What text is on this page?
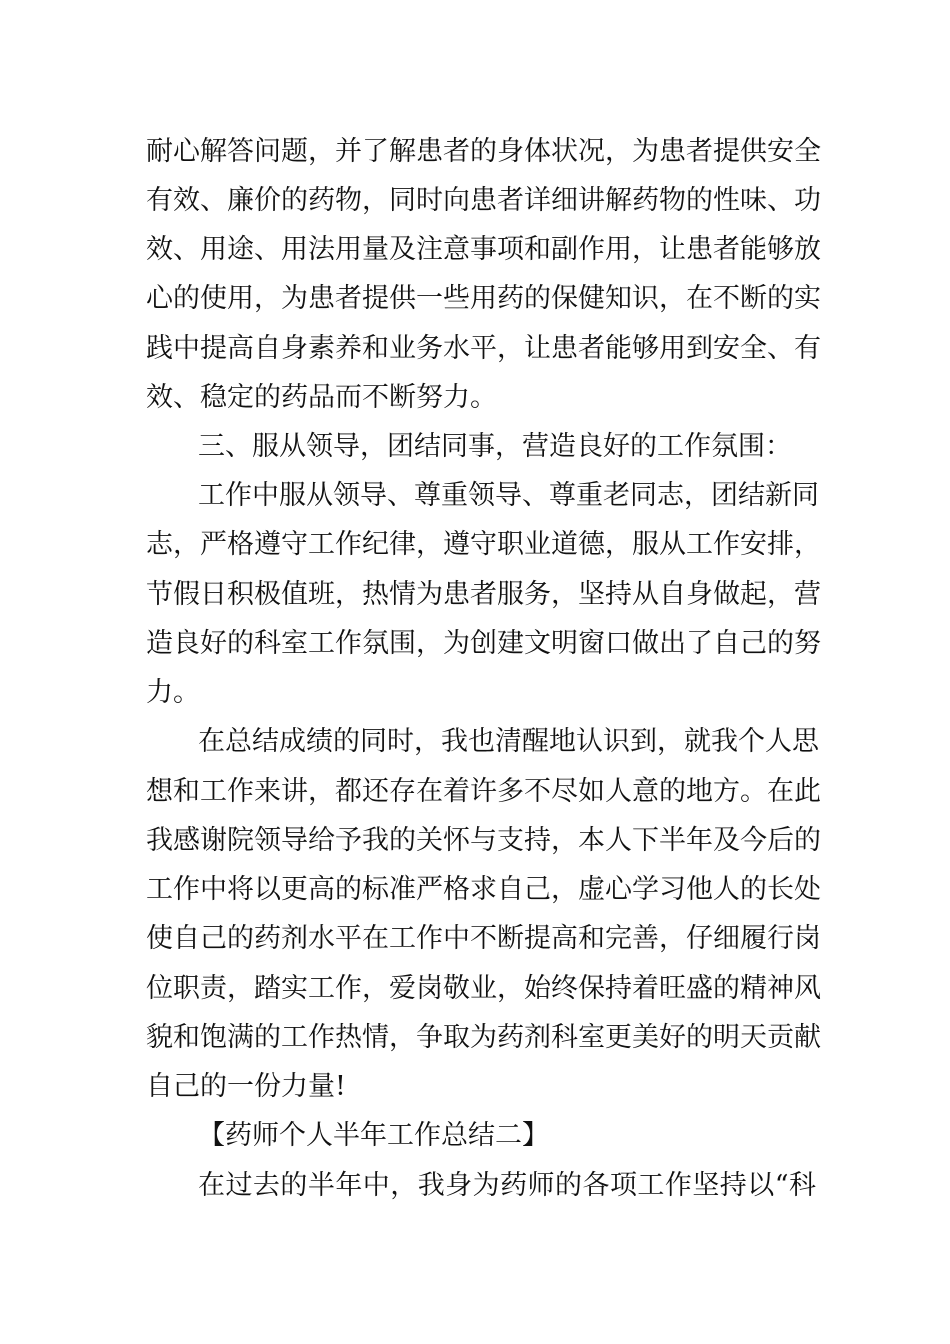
耐心解答问题，并了解患者的身体状况，为患者提供安全
有效、廉价的药物，同时向患者详细讲解药物的性味、功
效、用途、用法用量及注意事项和副作用，让患者能够放
心的使用，为患者提供一些用药的保健知识，在不断的实
践中提高自身素养和业务水平，让患者能够用到安全、有
效、稳定的药品而不断努力。
三、服从领导，团结同事，营造良好的工作氛围：
工作中服从领导、尊重领导、尊重老同志，团结新同
志，严格遵守工作纪律，遵守职业道德，服从工作安排，
节假日积极值班，热情为患者服务，坚持从自身做起，营
造良好的科室工作氛围，为创建文明窗口做出了自己的努
力。
在总结成绩的同时，我也清醒地认识到，就我个人思
想和工作来讲，都还存在着许多不尽如人意的地方。在此
我感谢院领导给予我的关怀与支持，本人下半年及今后的
工作中将以更高的标准严格求自己，虚心学习他人的长处
使自己的药剂水平在工作中不断提高和完善，仔细履行岗
位职责，踏实工作，爱岗敬业，始终保持着旺盛的精神风
貌和饱满的工作热情，争取为药剂科室更美好的明天贡献
自己的一份力量!
【药师个人半年工作总结二】
在过去的半年中，我身为药师的各项工作坚持以“科
